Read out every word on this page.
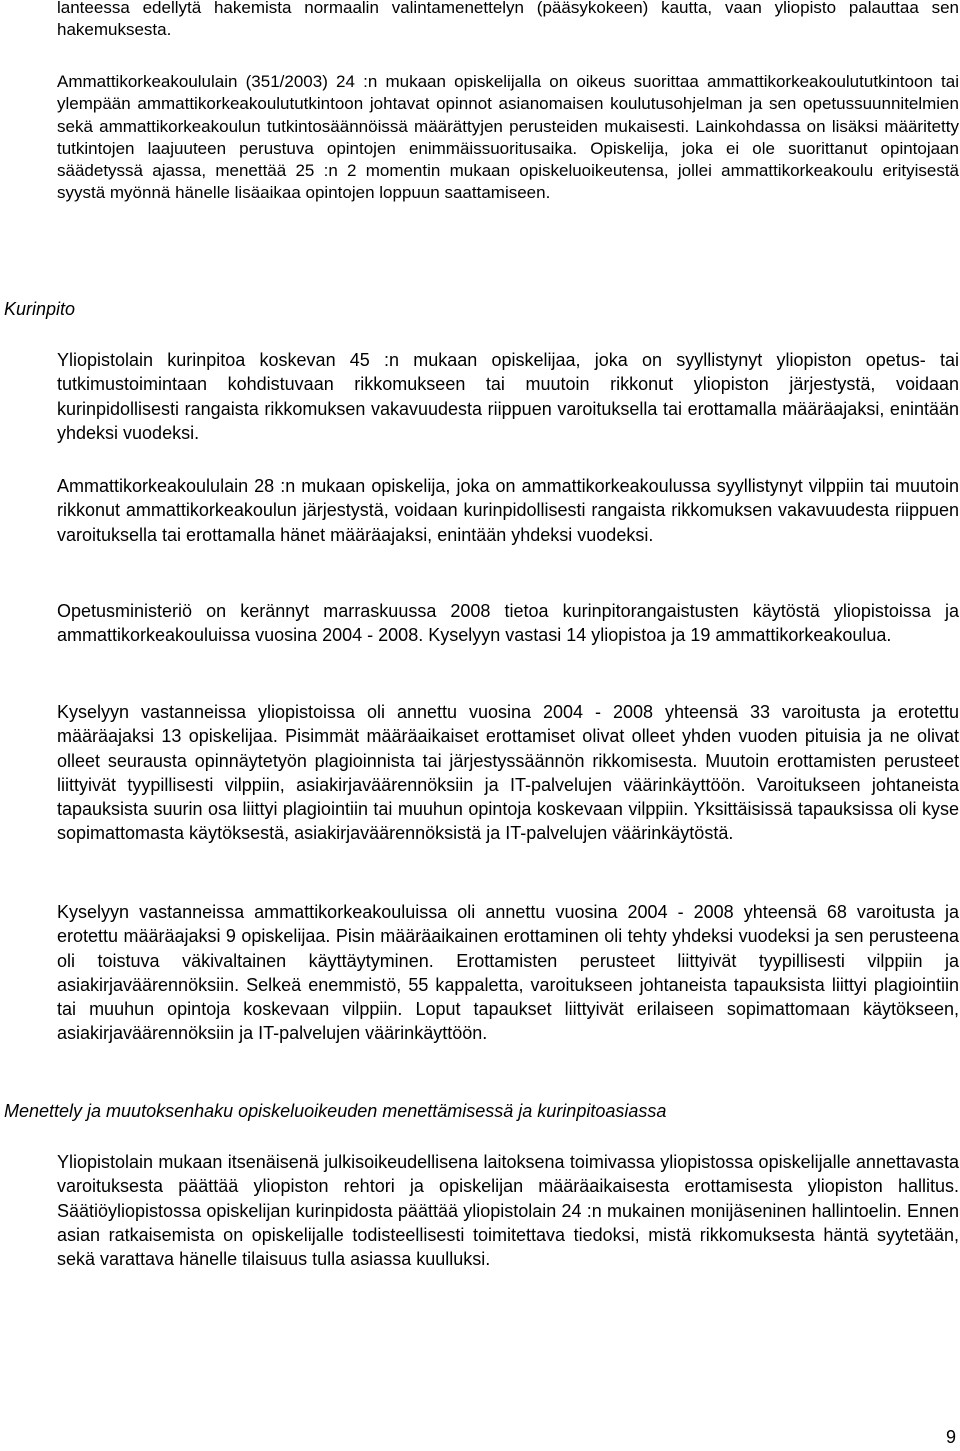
lanteessa edellytä hakemista normaalin valintamenettelyn (pääsykokeen) kautta, vaan yliopisto palauttaa sen hakemuksesta.

Ammattikorkeakoululain (351/2003) 24 :n mukaan opiskelijalla on oikeus suorittaa ammattikorkeakoulututkintoon tai ylempään ammattikorkeakoulututkintoon johtavat opinnot asianomaisen koulutusohjelman ja sen opetussuunnitelmien sekä ammattikorkeakoulun tutkintosäännöissä määrättyjen perusteiden mukaisesti. Lainkohdassa on lisäksi määritetty tutkintojen laajuuteen perustuva opintojen enimmäissuoritusaika. Opiskelija, joka ei ole suorittanut opintojaan säädetyssä ajassa, menettää 25 :n 2 momentin mukaan opiskeluoikeutensa, jollei ammattikorkeakoulu erityisestä syystä myönnä hänelle lisäaikaa opintojen loppuun saattamiseen.

Kurinpito

Yliopistolain kurinpitoa koskevan 45 :n mukaan opiskelijaa, joka on syyllistynyt yliopiston opetus- tai tutkimustoimintaan kohdistuvaan rikkomukseen tai muutoin rikkonut yliopiston järjestystä, voidaan kurinpidollisesti rangaista rikkomuksen vakavuudesta riippuen varoituksella tai erottamalla määräajaksi, enintään yhdeksi vuodeksi.

Ammattikorkeakoululain 28 :n mukaan opiskelija, joka on ammattikorkeakoulussa syyllistynyt vilppiin tai muutoin rikkonut ammattikorkeakoulun järjestystä, voidaan kurinpidollisesti rangaista rikkomuksen vakavuudesta riippuen varoituksella tai erottamalla hänet määräajaksi, enintään yhdeksi vuodeksi.

Opetusministeriö on kerännyt marraskuussa 2008 tietoa kurinpitorangaistusten käytöstä yliopistoissa ja ammattikorkeakouluissa vuosina 2004 - 2008. Kyselyyn vastasi 14 yliopistoa ja 19 ammattikorkeakoulua.

Kyselyyn vastanneissa yliopistoissa oli annettu vuosina 2004 - 2008 yhteensä 33 varoitusta ja erotettu määräajaksi 13 opiskelijaa. Pisimmät määräaikaiset erottamiset olivat olleet yhden vuoden pituisia ja ne olivat olleet seurausta opinnäytetyön plagioinnista tai järjestyssäännön rikkomisesta. Muutoin erottamisten perusteet liittyivät tyypillisesti vilppiin, asiakirjaväärennöksiin ja IT-palvelujen väärinkäyttöön. Varoitukseen johtaneista tapauksista suurin osa liittyi plagiointiin tai muuhun opintoja koskevaan vilppiin. Yksittäisissä tapauksissa oli kyse sopimattomasta käytöksestä, asiakirjaväärennöksistä ja IT-palvelujen väärinkäytöstä.

Kyselyyn vastanneissa ammattikorkeakouluissa oli annettu vuosina 2004 - 2008 yhteensä 68 varoitusta ja erotettu määräajaksi 9 opiskelijaa. Pisin määräaikainen erottaminen oli tehty yhdeksi vuodeksi ja sen perusteena oli toistuva väkivaltainen käyttäytyminen. Erottamisten perusteet liittyivät tyypillisesti vilppiin ja asiakirjaväärennöksiin. Selkeä enemmistö, 55 kappaletta, varoitukseen johtaneista tapauksista liittyi plagiointiin tai muuhun opintoja koskevaan vilppiin. Loput tapaukset liittyivät erilaiseen sopimattomaan käytökseen, asiakirjaväärennöksiin ja IT-palvelujen väärinkäyttöön.

Menettely ja muutoksenhaku opiskeluoikeuden menettämisessä ja kurinpitoasiassa

Yliopistolain mukaan itsenäisenä julkisoikeudellisena laitoksena toimivassa yliopistossa opiskelijalle annettavasta varoituksesta päättää yliopiston rehtori ja opiskelijan määräaikaisesta erottamisesta yliopiston hallitus. Säätiöyliopistossa opiskelijan kurinpidosta päättää yliopistolain 24 :n mukainen monijäseninen hallintoelin. Ennen asian ratkaisemista on opiskelijalle todisteellisesti toimitettava tiedoksi, mistä rikkomuksesta häntä syytetään, sekä varattava hänelle tilaisuus tulla asiassa kuulluksi.

9
